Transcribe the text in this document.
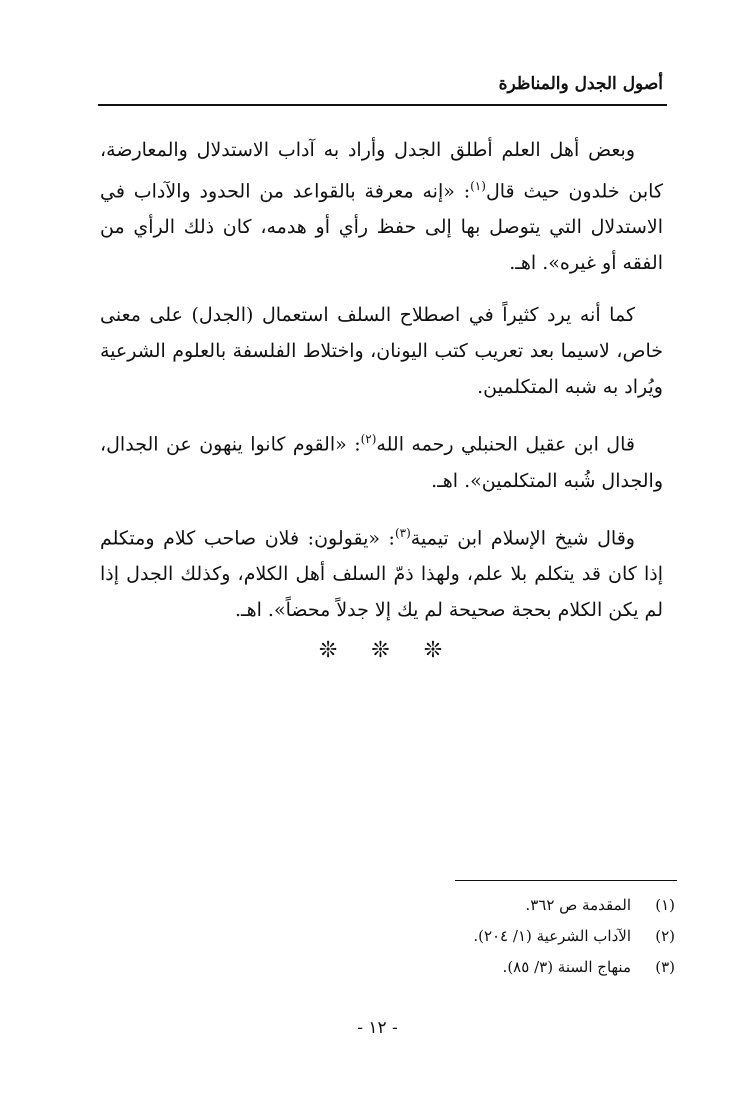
أصول الجدل والمناظرة

وبعض أهل العلم أطلق الجدل وأراد به آداب الاستدلال والمعارضة، كابن خلدون حيث قال$^{(١)}$: «إنه معرفة بالقواعد من الحدود والآداب في الاستدلال التي يتوصل بها إلى حفظ رأي أو هدمه، كان ذلك الرأي من الفقه أو غيره». اهـ.

كما أنه يرد كثيراً في اصطلاح السلف استعمال (الجدل) على معنى خاص، لاسيما بعد تعريب كتب اليونان، واختلاط الفلسفة بالعلوم الشرعية ويُراد به شبه المتكلمين.

قال ابن عقيل الحنبلي رحمه الله$^{(٢)}$: «القوم كانوا ينهون عن الجدال، والجدال شُبه المتكلمين». اهـ.

وقال شيخ الإسلام ابن تيمية$^{(٣)}$: «يقولون: فلان صاحب كلام ومتكلم إذا كان قد يتكلم بلا علم، ولهذا ذمّ السلف أهل الكلام، وكذلك الجدل إذا لم يكن الكلام بحجة صحيحة لم يك إلا جدلاً محضاً». اهـ.

❊❊❊
(١)المقدمة ص ٣٦٢.
(٢)الآداب الشرعية (١/ ٢٠٤).
(٣)منهاج السنة (٣/ ٨٥).
- ١٢ -
